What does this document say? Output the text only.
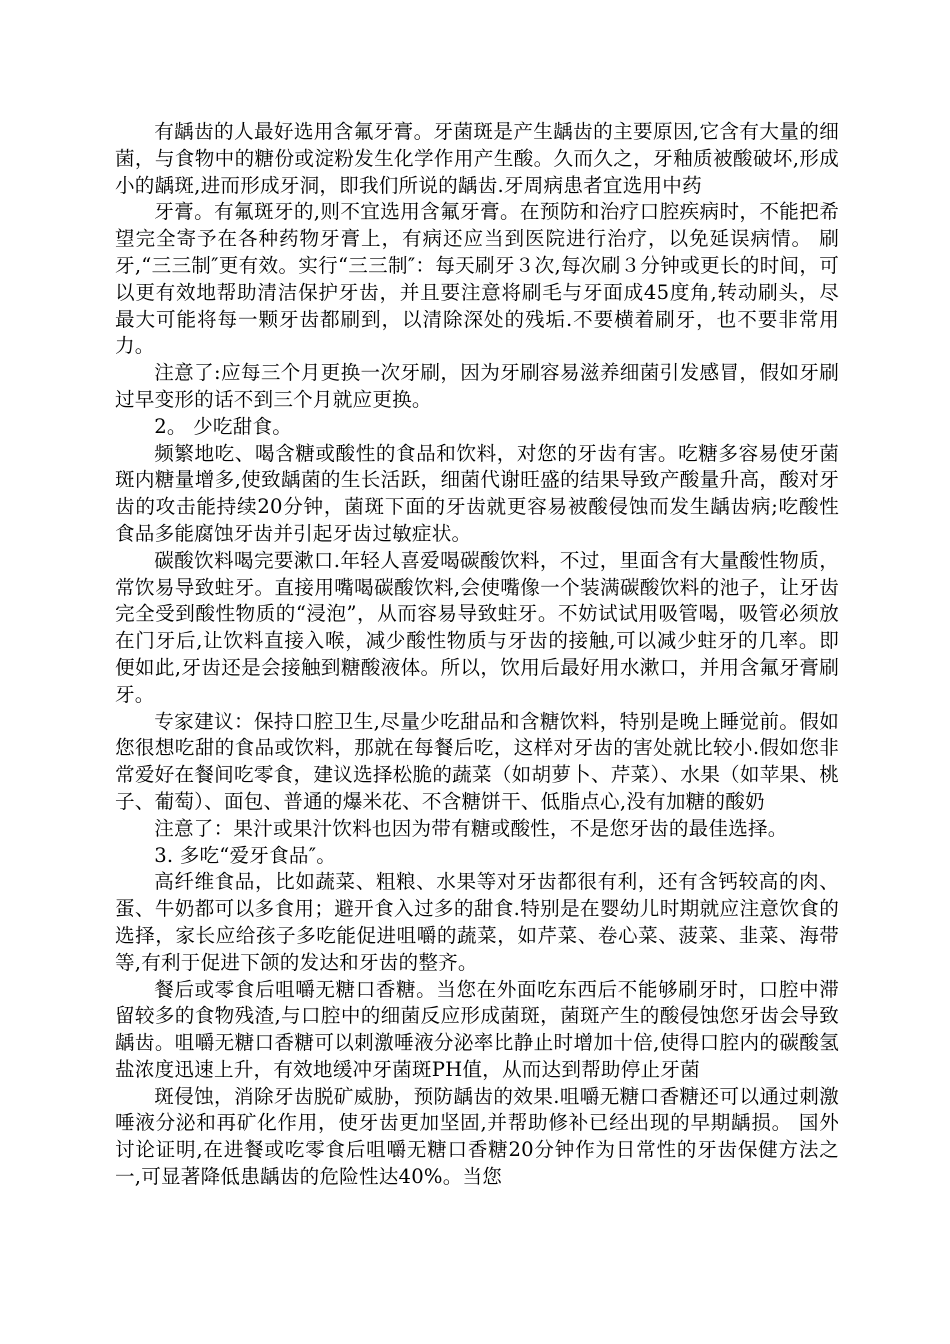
有龋齿的人最好选用含氟牙膏。牙菌斑是产生龋齿的主要原因,它含有大量的细菌，与食物中的糖份或淀粉发生化学作用产生酸。久而久之，牙釉质被酸破坏,形成小的龋斑,进而形成牙洞，即我们所说的龋齿.牙周病患者宜选用中药

牙膏。有氟斑牙的,则不宜选用含氟牙膏。在预防和治疗口腔疾病时，不能把希望完全寄予在各种药物牙膏上，有病还应当到医院进行治疗，以免延误病情。 刷牙,“三三制″更有效。实行“三三制″：每天刷牙３次,每次刷３分钟或更长的时间，可以更有效地帮助清洁保护牙齿，并且要注意将刷毛与牙面成45度角,转动刷头，尽最大可能将每一颗牙齿都刷到，以清除深处的残垢.不要横着刷牙，也不要非常用力。

注意了:应每三个月更换一次牙刷，因为牙刷容易滋养细菌引发感冒，假如牙刷过早变形的话不到三个月就应更换。

2。 少吃甜食。

频繁地吃、喝含糖或酸性的食品和饮料，对您的牙齿有害。吃糖多容易使牙菌斑内糖量增多,使致龋菌的生长活跃，细菌代谢旺盛的结果导致产酸量升高，酸对牙齿的攻击能持续20分钟，菌斑下面的牙齿就更容易被酸侵蚀而发生龋齿病;吃酸性食品多能腐蚀牙齿并引起牙齿过敏症状。

碳酸饮料喝完要漱口.年轻人喜爱喝碳酸饮料，不过，里面含有大量酸性物质，常饮易导致蛀牙。直接用嘴喝碳酸饮料,会使嘴像一个装满碳酸饮料的池子，让牙齿完全受到酸性物质的“浸泡”，从而容易导致蛀牙。不妨试试用吸管喝，吸管必须放在门牙后,让饮料直接入喉，减少酸性物质与牙齿的接触,可以减少蛀牙的几率。即便如此,牙齿还是会接触到糖酸液体。所以，饮用后最好用水漱口，并用含氟牙膏刷牙。

专家建议：保持口腔卫生,尽量少吃甜品和含糖饮料，特别是晚上睡觉前。假如您很想吃甜的食品或饮料，那就在每餐后吃，这样对牙齿的害处就比较小.假如您非常爱好在餐间吃零食，建议选择松脆的蔬菜（如胡萝卜、芹菜）、水果（如苹果、桃子、葡萄）、面包、普通的爆米花、不含糖饼干、低脂点心,没有加糖的酸奶

注意了：果汁或果汁饮料也因为带有糖或酸性，不是您牙齿的最佳选择。

3. 多吃“爱牙食品″。

高纤维食品，比如蔬菜、粗粮、水果等对牙齿都很有利，还有含钙较高的肉、蛋、牛奶都可以多食用；避开食入过多的甜食.特别是在婴幼儿时期就应注意饮食的选择，家长应给孩子多吃能促进咀嚼的蔬菜，如芹菜、卷心菜、菠菜、韭菜、海带等,有利于促进下颌的发达和牙齿的整齐。

餐后或零食后咀嚼无糖口香糖。当您在外面吃东西后不能够刷牙时，口腔中滞留较多的食物残渣,与口腔中的细菌反应形成菌斑，菌斑产生的酸侵蚀您牙齿会导致龋齿。咀嚼无糖口香糖可以刺激唾液分泌率比静止时增加十倍,使得口腔内的碳酸氢盐浓度迅速上升，有效地缓冲牙菌斑PH值，从而达到帮助停止牙菌

斑侵蚀，消除牙齿脱矿威胁，预防龋齿的效果.咀嚼无糖口香糖还可以通过刺激唾液分泌和再矿化作用，使牙齿更加坚固,并帮助修补已经出现的早期龋损。 国外讨论证明,在进餐或吃零食后咀嚼无糖口香糖20分钟作为日常性的牙齿保健方法之一,可显著降低患龋齿的危险性达40%。当您
